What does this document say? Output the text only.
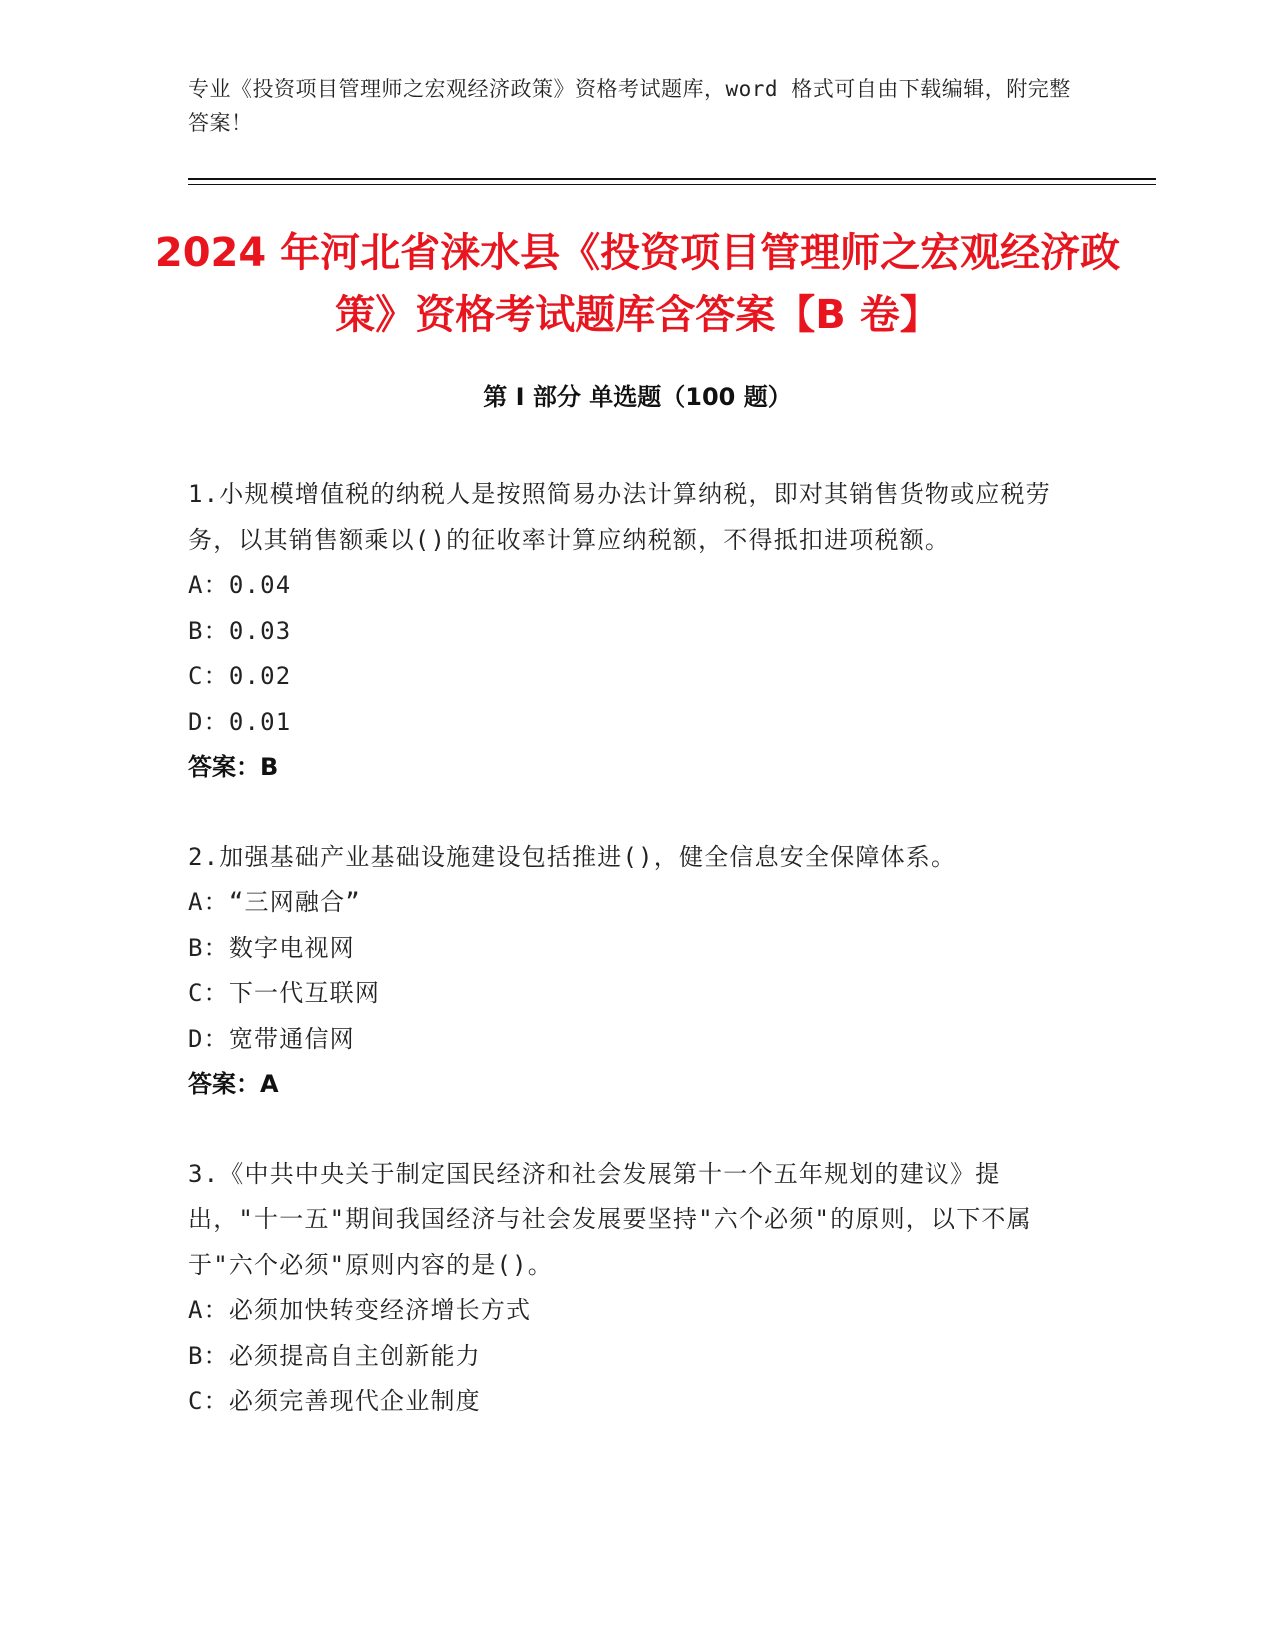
专业《投资项目管理师之宏观经济政策》资格考试题库，word 格式可自由下载编辑，附完整答案！
2024 年河北省涞水县《投资项目管理师之宏观经济政策》资格考试题库含答案【B 卷】
第 I 部分 单选题（100 题）
1.小规模增值税的纳税人是按照简易办法计算纳税，即对其销售货物或应税劳务，以其销售额乘以()的征收率计算应纳税额，不得抵扣进项税额。
A：0.04
B：0.03
C：0.02
D：0.01
答案：B
2.加强基础产业基础设施建设包括推进()，健全信息安全保障体系。
A：“三网融合”
B：数字电视网
C：下一代互联网
D：宽带通信网
答案：A
3.《中共中央关于制定国民经济和社会发展第十一个五年规划的建议》提出，"十一五"期间我国经济与社会发展要坚持"六个必须"的原则，以下不属于"六个必须"原则内容的是()。
A：必须加快转变经济增长方式
B：必须提高自主创新能力
C：必须完善现代企业制度
